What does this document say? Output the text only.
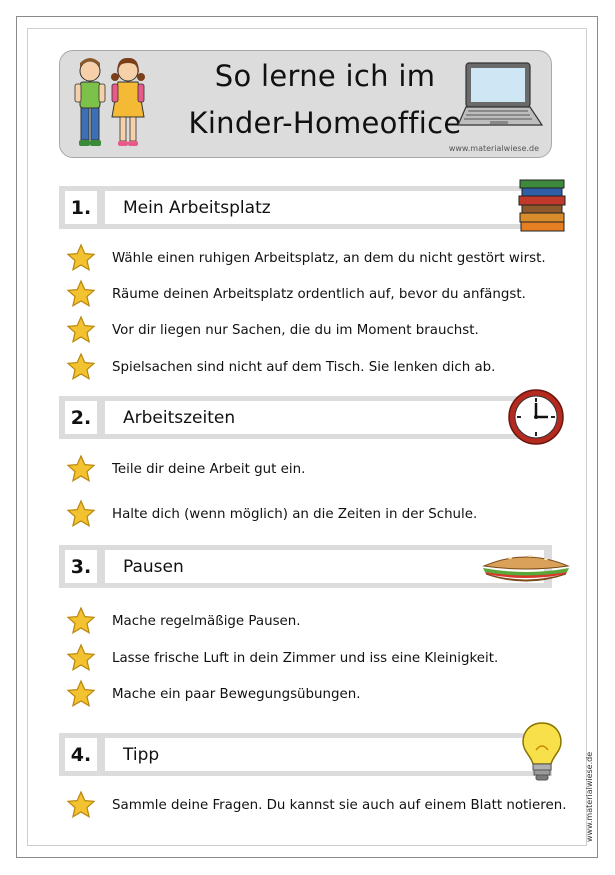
So lerne ich im
Kinder-Homeoffice
www.materialwiese.de
1.	Mein Arbeitsplatz
Wähle einen ruhigen Arbeitsplatz, an dem du nicht gestört wirst.
Räume deinen Arbeitsplatz ordentlich auf, bevor du anfängst.
Vor dir liegen nur Sachen, die du im Moment brauchst.
Spielsachen sind nicht auf dem Tisch. Sie lenken dich ab.
2.	Arbeitszeiten
Teile dir deine Arbeit gut ein.
Halte dich (wenn möglich) an die Zeiten in der Schule.
3.	Pausen
Mache regelmäßige Pausen.
Lasse frische Luft in dein Zimmer und iss eine Kleinigkeit.
Mache ein paar Bewegungsübungen.
4.	Tipp
Sammle deine Fragen. Du kannst sie auch auf einem Blatt notieren. www.materialwiese.de
